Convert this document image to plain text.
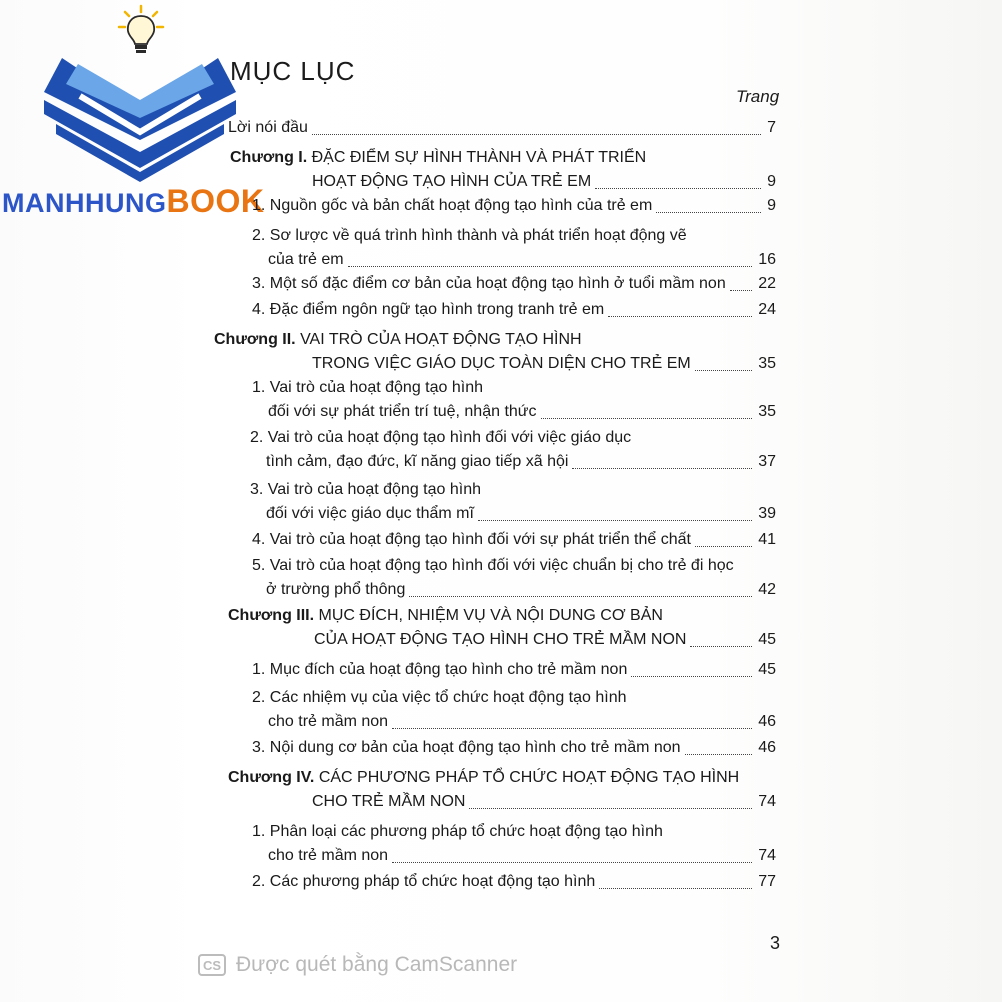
MANHHUNGBOOK
MỤC LỤC
Trang
Lời nói đầu	7
Chương I. ĐẶC ĐIỂM SỰ HÌNH THÀNH VÀ PHÁT TRIỂN
HOẠT ĐỘNG TẠO HÌNH CỦA TRẺ EM	9
1. Nguồn gốc và bản chất hoạt động tạo hình của trẻ em	9
2. Sơ lược về quá trình hình thành và phát triển hoạt động vẽ
của trẻ em	16
3. Một số đặc điểm cơ bản của hoạt động tạo hình ở tuổi mầm non 22
4. Đặc điểm ngôn ngữ tạo hình trong tranh trẻ em	24
Chương II. VAI TRÒ CỦA HOẠT ĐỘNG TẠO HÌNH
TRONG VIỆC GIÁO DỤC TOÀN DIỆN CHO TRẺ EM	35
1. Vai trò của hoạt động tạo hình
đối với sự phát triển trí tuệ, nhận thức	35
2. Vai trò của hoạt động tạo hình đối với việc giáo dục
tình cảm, đạo đức, kĩ năng giao tiếp xã hội	37
3. Vai trò của hoạt động tạo hình
đối với việc giáo dục thẩm mĩ	39
4. Vai trò của hoạt động tạo hình đối với sự phát triển thể chất	41
5. Vai trò của hoạt động tạo hình đối với việc chuẩn bị cho trẻ đi học
ở trường phổ thông	42
Chương III. MỤC ĐÍCH, NHIỆM VỤ VÀ NỘI DUNG CƠ BẢN
CỦA HOẠT ĐỘNG TẠO HÌNH CHO TRẺ MẦM NON	45
1. Mục đích của hoạt động tạo hình cho trẻ mầm non	45
2. Các nhiệm vụ của việc tổ chức hoạt động tạo hình
cho trẻ mầm non	46
3. Nội dung cơ bản của hoạt động tạo hình cho trẻ mầm non	46
Chương IV. CÁC PHƯƠNG PHÁP TỔ CHỨC HOẠT ĐỘNG TẠO HÌNH
CHO TRẺ MẦM NON	74
1. Phân loại các phương pháp tổ chức hoạt động tạo hình
cho trẻ mầm non	74
2. Các phương pháp tổ chức hoạt động tạo hình	77
3
CS Được quét bằng CamScanner
